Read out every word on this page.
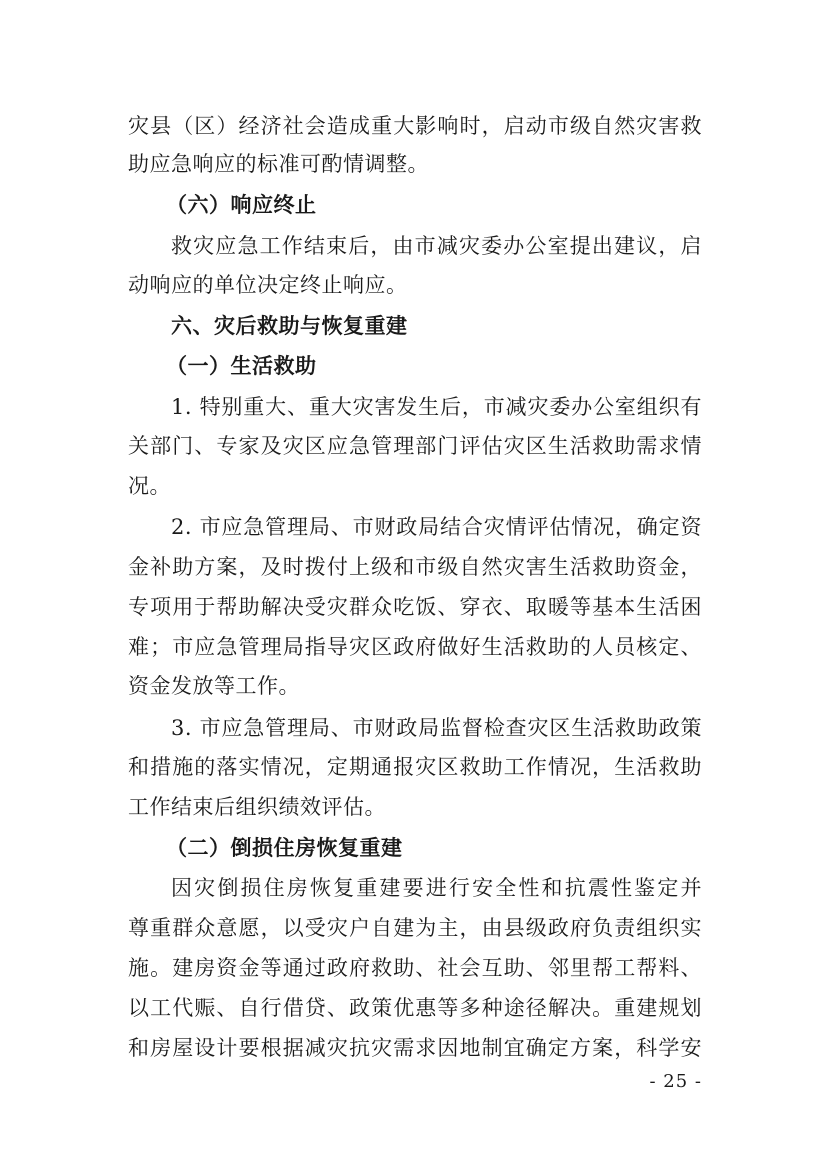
灾县（区）经济社会造成重大影响时，启动市级自然灾害救
助应急响应的标准可酌情调整。
（六）响应终止
救灾应急工作结束后，由市减灾委办公室提出建议，启
动响应的单位决定终止响应。
六、灾后救助与恢复重建
（一）生活救助
1. 特别重大、重大灾害发生后，市减灾委办公室组织有
关部门、专家及灾区应急管理部门评估灾区生活救助需求情
况。
2. 市应急管理局、市财政局结合灾情评估情况，确定资
金补助方案，及时拨付上级和市级自然灾害生活救助资金，
专项用于帮助解决受灾群众吃饭、穿衣、取暖等基本生活困
难；市应急管理局指导灾区政府做好生活救助的人员核定、
资金发放等工作。
3. 市应急管理局、市财政局监督检查灾区生活救助政策
和措施的落实情况，定期通报灾区救助工作情况，生活救助
工作结束后组织绩效评估。
（二）倒损住房恢复重建
因灾倒损住房恢复重建要进行安全性和抗震性鉴定并
尊重群众意愿，以受灾户自建为主，由县级政府负责组织实
施。建房资金等通过政府救助、社会互助、邻里帮工帮料、
以工代赈、自行借贷、政策优惠等多种途径解决。重建规划
和房屋设计要根据减灾抗灾需求因地制宜确定方案，科学安
- 25 -
